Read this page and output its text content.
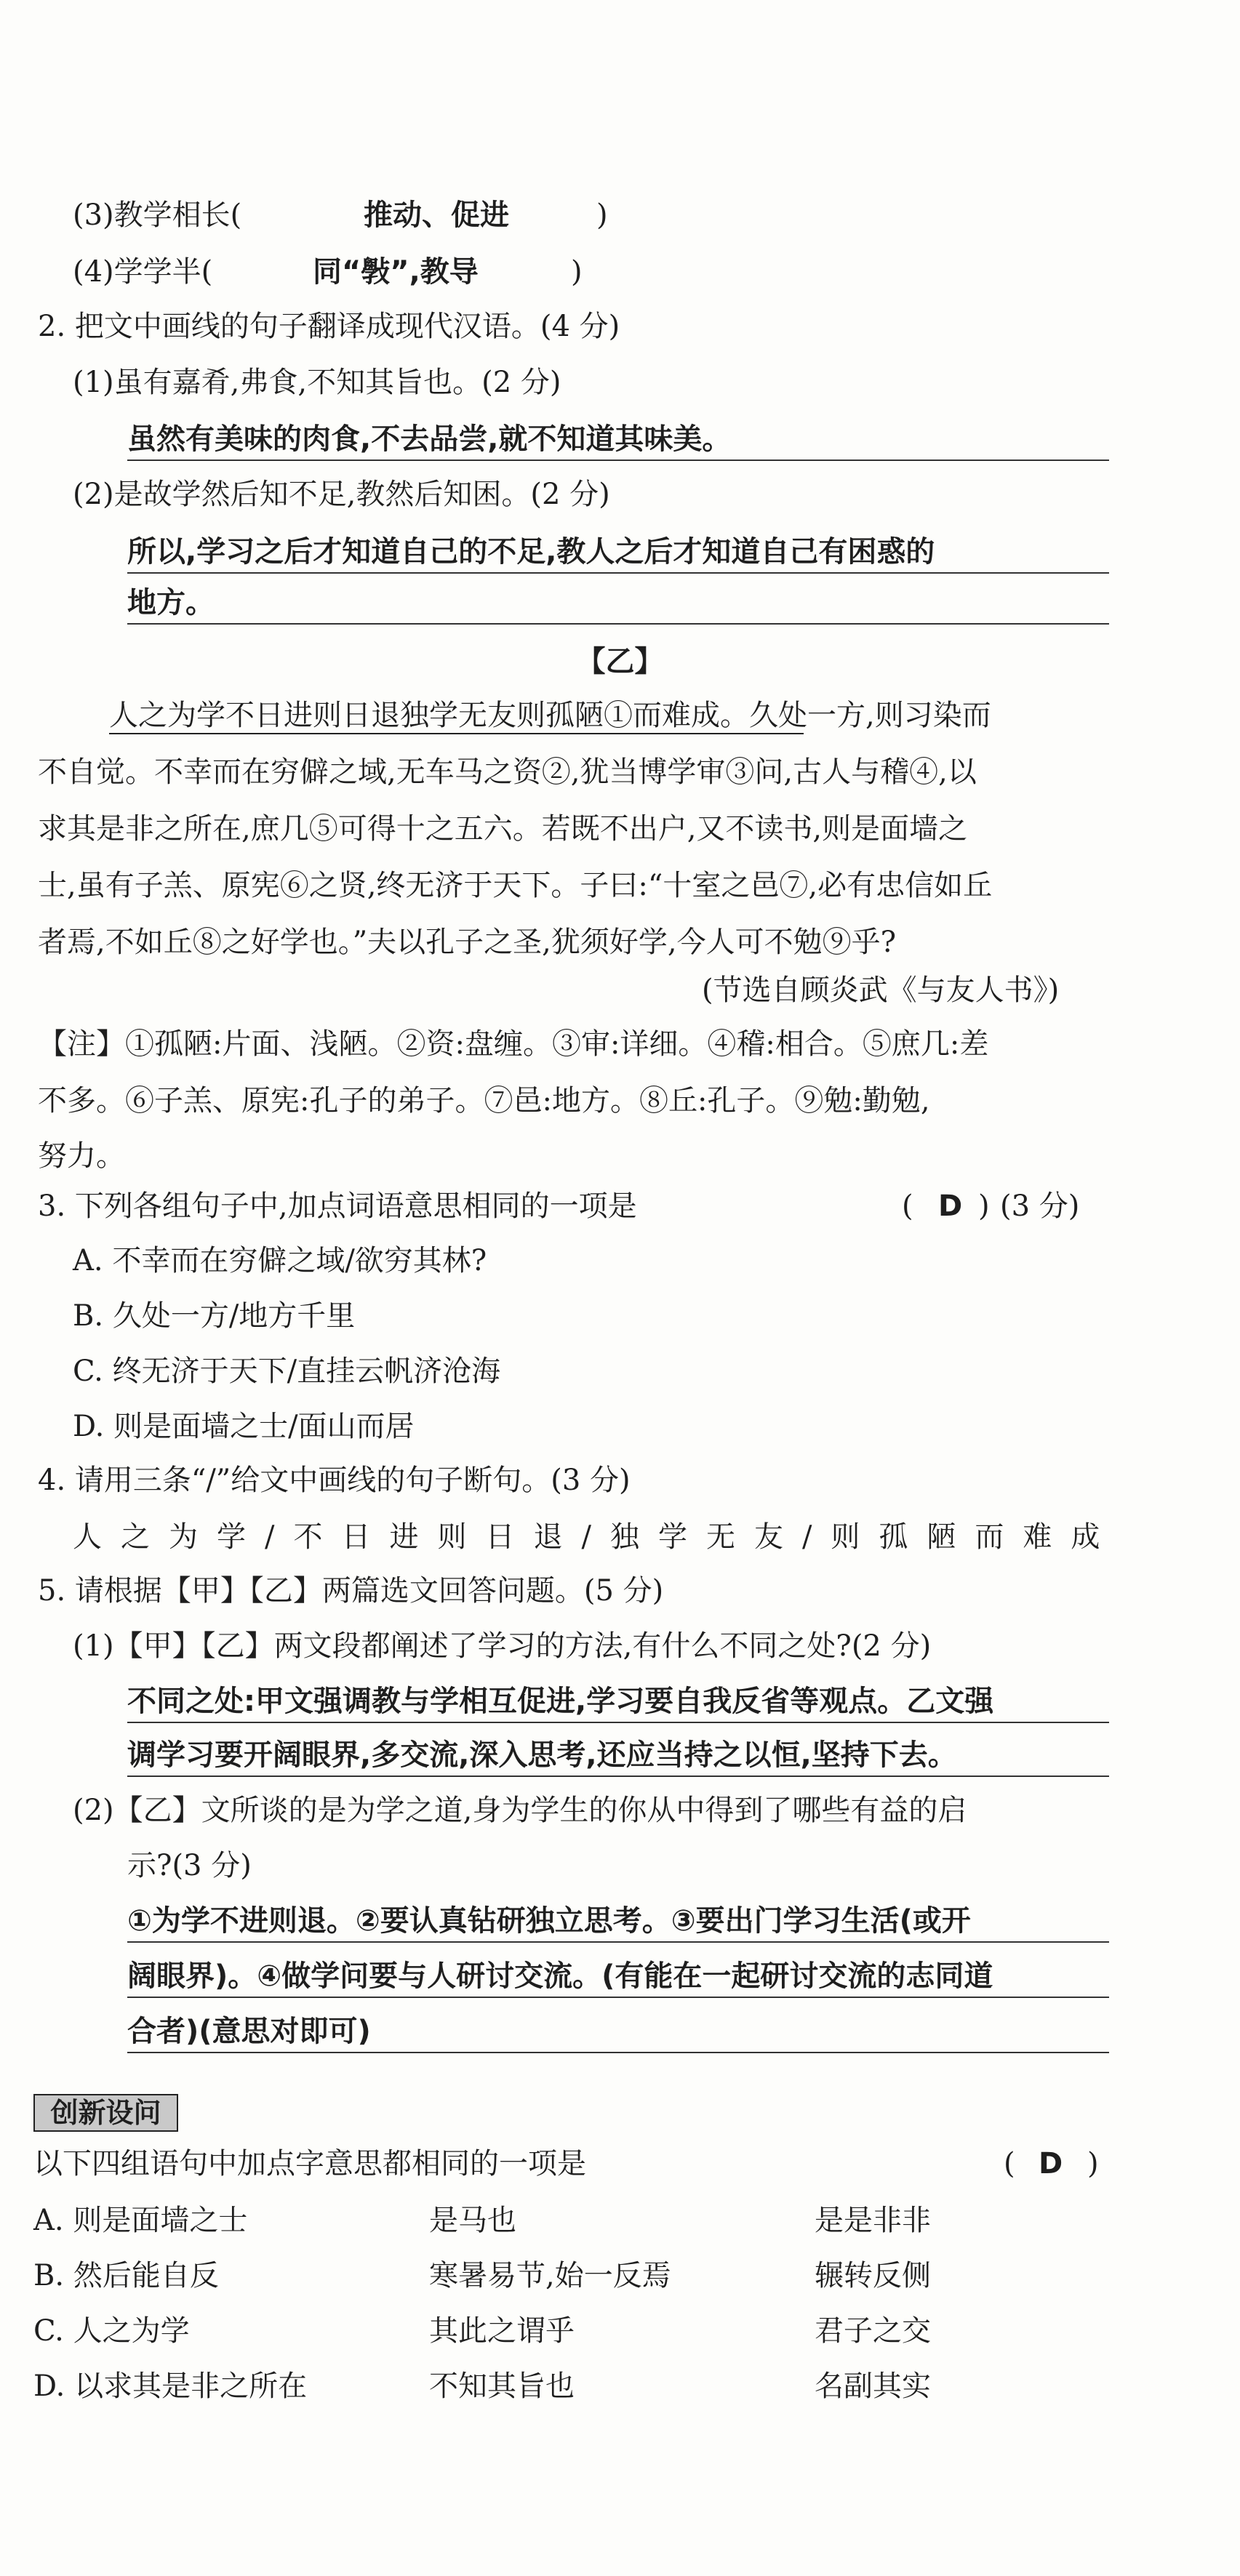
(3)教学相长(	推动、促进	)
(4)学学半(	同“斅”,教导	)
2. 把文中画线的句子翻译成现代汉语。(4 分)
(1)虽有嘉肴,弗食,不知其旨也。(2 分)
虽然有美味的肉食,不去品尝,就不知道其味美。
(2)是故学然后知不足,教然后知困。(2 分)
所以,学习之后才知道自己的不足,教人之后才知道自己有困惑的
地方。
【乙】
人之为学不日进则日退独学无友则孤陋①而难成。久处一方,则习染而
不自觉。不幸而在穷僻之域,无车马之资②,犹当博学审③问,古人与稽④,以
求其是非之所在,庶几⑤可得十之五六。若既不出户,又不读书,则是面墙之
士,虽有子羔、原宪⑥之贤,终无济于天下。子曰:“十室之邑⑦,必有忠信如丘
者焉,不如丘⑧之好学也。”夫以孔子之圣,犹须好学,今人可不勉⑨乎?
(节选自顾炎武《与友人书》)
【注】①孤陋:片面、浅陋。②资:盘缠。③审:详细。④稽:相合。⑤庶几:差
不多。⑥子羔、原宪:孔子的弟子。⑦邑:地方。⑧丘:孔子。⑨勉:勤勉,
努力。
3. 下列各组句子中,加点词语意思相同的一项是	( D ) (3 分)
A. 不幸而在穷僻之域/欲穷其林?
B. 久处一方/地方千里
C. 终无济于天下/直挂云帆济沧海
D. 则是面墙之士/面山而居
4. 请用三条“/”给文中画线的句子断句。(3 分)
人之为学/不日进则日退/独学无友/则孤陋而难成
5. 请根据【甲】【乙】两篇选文回答问题。(5 分)
(1)【甲】【乙】两文段都阐述了学习的方法,有什么不同之处?(2 分)
不同之处:甲文强调教与学相互促进,学习要自我反省等观点。乙文强
调学习要开阔眼界,多交流,深入思考,还应当持之以恒,坚持下去。
(2)【乙】文所谈的是为学之道,身为学生的你从中得到了哪些有益的启
示?(3 分)
①为学不进则退。②要认真钻研独立思考。③要出门学习生活(或开
阔眼界)。④做学问要与人研讨交流。(有能在一起研讨交流的志同道
合者)(意思对即可)
创新设问
以下四组语句中加点字意思都相同的一项是	( D )
A. 则是面墙之士	是马也	是是非非
B. 然后能自反	寒暑易节,始一反焉	辗转反侧
C. 人之为学	其此之谓乎	君子之交
D. 以求其是非之所在	不知其旨也	名副其实
